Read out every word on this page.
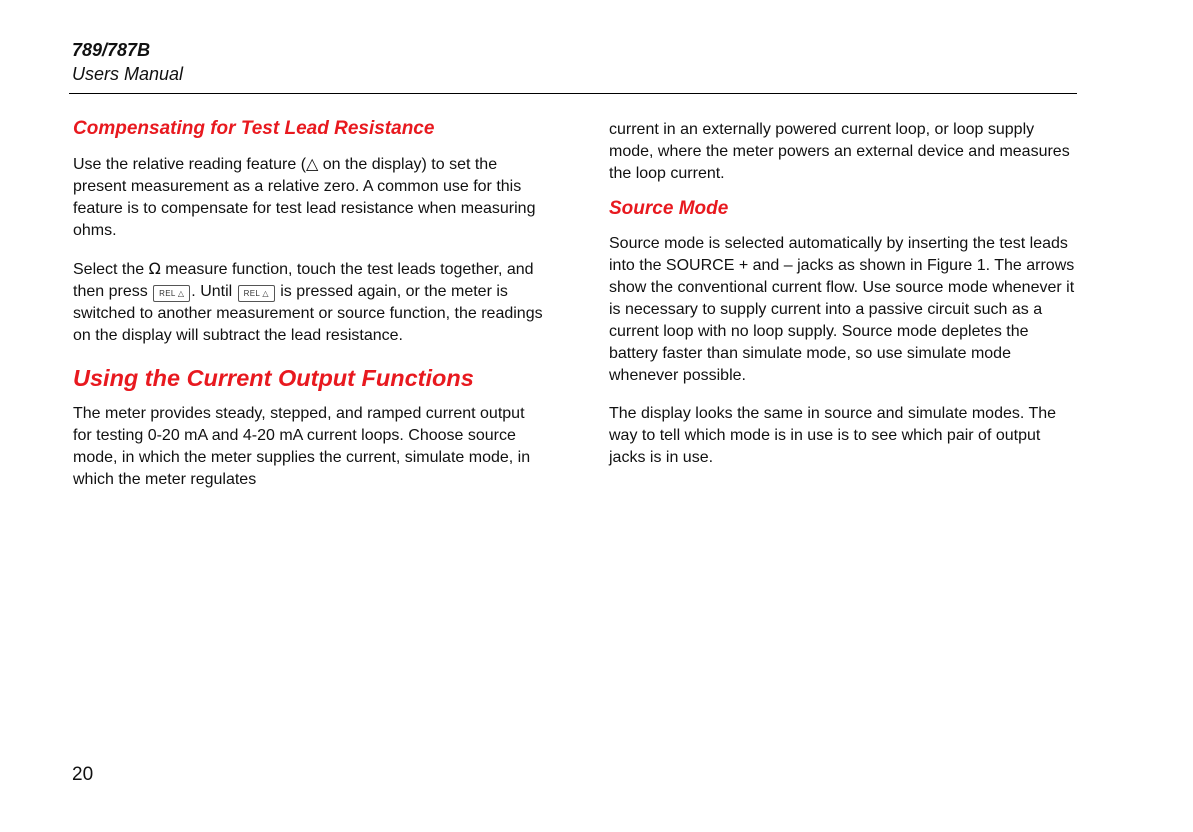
789/787B
Users Manual
Compensating for Test Lead Resistance

Use the relative reading feature (△ on the display) to set the present measurement as a relative zero. A common use for this feature is to compensate for test lead resistance when measuring ohms.

Select the Ω measure function, touch the test leads together, and then press REL △ . Until REL △ is pressed again, or the meter is switched to another measurement or source function, the readings on the display will subtract the lead resistance.

Using the Current Output Functions

The meter provides steady, stepped, and ramped current output for testing 0-20 mA and 4-20 mA current loops. Choose source mode, in which the meter supplies the current, simulate mode, in which the meter regulates

current in an externally powered current loop, or loop supply mode, where the meter powers an external device and measures the loop current.

Source Mode

Source mode is selected automatically by inserting the test leads into the SOURCE + and – jacks as shown in Figure 1. The arrows show the conventional current flow. Use source mode whenever it is necessary to supply current into a passive circuit such as a current loop with no loop supply. Source mode depletes the battery faster than simulate mode, so use simulate mode whenever possible.

The display looks the same in source and simulate modes. The way to tell which mode is in use is to see which pair of output jacks is in use.

20
